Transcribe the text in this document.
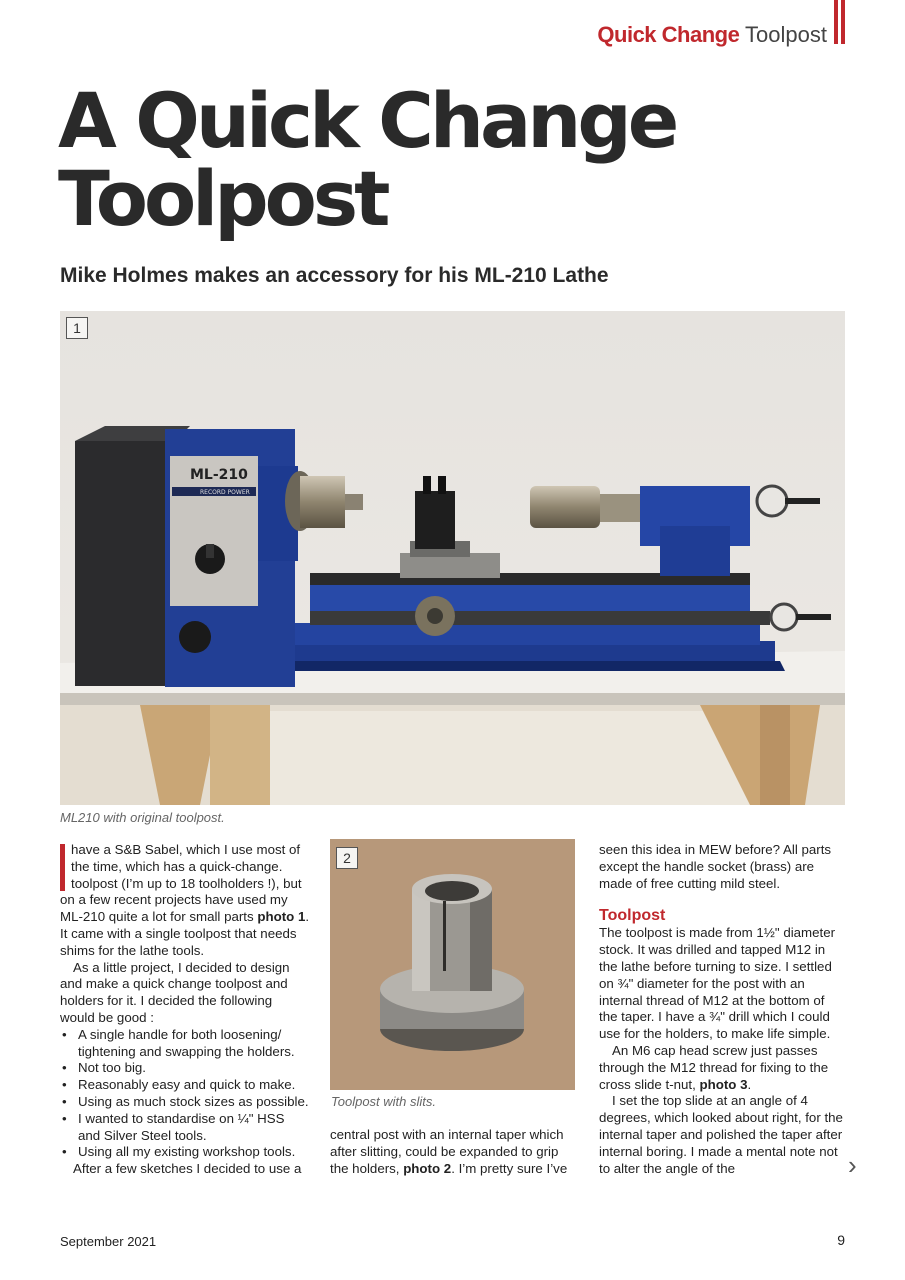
Quick Change Toolpost
A Quick Change Toolpost
Mike Holmes makes an accessory for his ML-210 Lathe
ML-210
RECORD POWER
1
ML210 with original toolpost.

have a S&B Sabel, which I use most of the time, which has a quick-change. toolpost (I’m up to 18 toolholders !), but on a few recent projects have used my ML-210 quite a lot for small parts photo 1. It came with a single toolpost that needs shims for the lathe tools.

As a little project, I decided to design and make a quick change toolpost and holders for it. I decided the following would be good :

• A single handle for both loosening/ tightening and swapping the holders.
• Not too big.
• Reasonably easy and quick to make.
• Using as much stock sizes as possible.
• I wanted to standardise on ¼" HSS and Silver Steel tools.
• Using all my existing workshop tools.

After a few sketches I decided to use a

2
Toolpost with slits.

central post with an internal taper which after slitting, could be expanded to grip the holders, photo 2. I’m pretty sure I’ve

seen this idea in MEW before? All parts except the handle socket (brass) are made of free cutting mild steel.

Toolpost

The toolpost is made from 1½" diameter stock. It was drilled and tapped M12 in the lathe before turning to size. I settled on ¾" diameter for the post with an internal thread of M12 at the bottom of the taper. I have a ¾" drill which I could use for the holders, to make life simple.

An M6 cap head screw just passes through the M12 thread for fixing to the cross slide t-nut, photo 3.

I set the top slide at an angle of 4 degrees, which looked about right, for the internal taper and polished the taper after internal boring. I made a mental note not to alter the angle of the	›
September 2021	9
